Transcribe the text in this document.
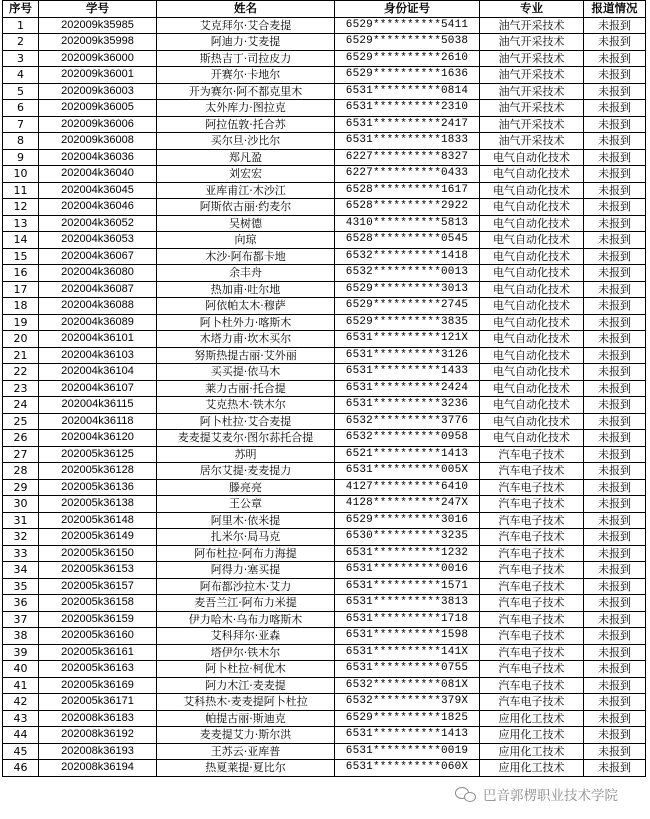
序号	学号	姓名	身份证号	专业	报道情况
1	202009k35985	艾克拜尔·艾合麦提	6529**********5411	油气开采技术	未报到
2	202009k35998	阿迪力·艾麦提	6529**********5038	油气开采技术	未报到
3	202009k36000	斯热吉丁·司拉皮力	6529**********2610	油气开采技术	未报到
4	202009k36001	开赛尔·卡地尔	6529**********1636	油气开采技术	未报到
5	202009k36003	开为赛尔·阿不都克里木	6531**********0814	油气开采技术	未报到
6	202009k36005	太外库力·图拉克	6531**********2310	油气开采技术	未报到
7	202009k36006	阿拉伍敦·托合苏	6531**********2417	油气开采技术	未报到
8	202009k36008	买尔旦·沙比尔	6531**********1833	油气开采技术	未报到
9	202004k36036	郑凡盈	6227**********8327	电气自动化技术	未报到
10	202004k36040	刘宏宏	6227**********0433	电气自动化技术	未报到
11	202004k36045	亚库甫江·木沙江	6528**********1617	电气自动化技术	未报到
12	202004k36046	阿斯依古丽·约麦尔	6528**********2922	电气自动化技术	未报到
13	202004k36052	吴树德	4310**********5813	电气自动化技术	未报到
14	202004k36053	向琼	6528**********0545	电气自动化技术	未报到
15	202004k36067	木沙·阿布都卡地	6532**********1418	电气自动化技术	未报到
16	202004k36080	余丰舟	6532**********0013	电气自动化技术	未报到
17	202004k36087	热加甫·吐尔地	6529**********3013	电气自动化技术	未报到
18	202004k36088	阿依帕太木·穆萨	6529**********2745	电气自动化技术	未报到
19	202004k36089	阿卜杜外力·喀斯木	6529**********3835	电气自动化技术	未报到
20	202004k36101	木塔力甫·坎木买尔	6531**********121X	电气自动化技术	未报到
21	202004k36103	努斯热提古丽·艾外丽	6531**********3126	电气自动化技术	未报到
22	202004k36104	买买提·依马木	6531**********1433	电气自动化技术	未报到
23	202004k36107	莱力古丽·托合提	6531**********2424	电气自动化技术	未报到
24	202004k36115	艾克热木·铁木尔	6531**********3236	电气自动化技术	未报到
25	202004k36118	阿卜杜拉·艾合麦提	6532**********3776	电气自动化技术	未报到
26	202004k36120	麦麦提艾麦尔·图尔荪托合提	6532**********0958	电气自动化技术	未报到
27	202005k36125	苏明	6521**********1413	汽车电子技术	未报到
28	202005k36128	居尔艾提·麦麦提力	6531**********005X	汽车电子技术	未报到
29	202005k36136	滕亮亮	4127**********6410	汽车电子技术	未报到
30	202005k36138	王公章	4128**********247X	汽车电子技术	未报到
31	202005k36148	阿里木·依米提	6529**********3016	汽车电子技术	未报到
32	202005k36149	扎米尔·局马克	6530**********3235	汽车电子技术	未报到
33	202005k36150	阿布杜拉·阿布力海提	6531**********1232	汽车电子技术	未报到
34	202005k36153	阿得力·塞买提	6531**********0016	汽车电子技术	未报到
35	202005k36157	阿布都沙拉木·艾力	6531**********1571	汽车电子技术	未报到
36	202005k36158	麦吾兰江·阿布力米提	6531**********3813	汽车电子技术	未报到
37	202005k36159	伊力哈木·乌布力喀斯木	6531**********1718	汽车电子技术	未报到
38	202005k36160	艾科拜尔·亚森	6531**********1598	汽车电子技术	未报到
39	202005k36161	塔伊尔·铁木尔	6531**********141X	汽车电子技术	未报到
40	202005k36163	阿卜杜拉·柯优木	6531**********0755	汽车电子技术	未报到
41	202005k36169	阿力木江·麦麦提	6532**********081X	汽车电子技术	未报到
42	202005k36171	艾科热木·麦麦提阿卜杜拉	6532**********379X	汽车电子技术	未报到
43	202008k36183	帕提古丽·斯迪克	6529**********1825	应用化工技术	未报到
44	202008k36192	麦麦提艾力·斯尔洪	6531**********1413	应用化工技术	未报到
45	202008k36193	王苏云·亚库普	6531**********0019	应用化工技术	未报到
46	202008k36194	热夏莱提·夏比尔	6531**********060X	应用化工技术	未报到
巴音郭楞职业技术学院
